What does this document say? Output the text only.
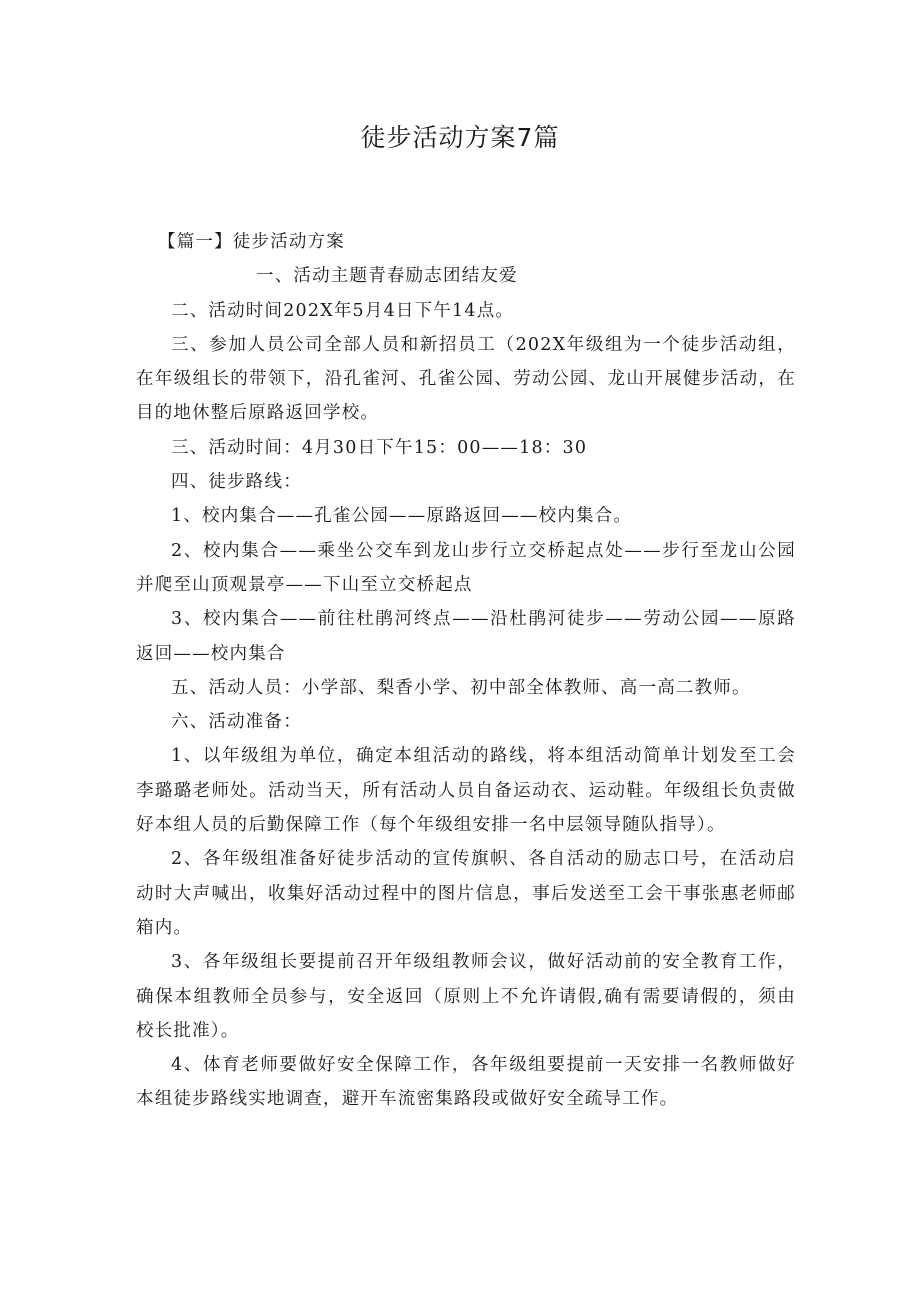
徒步活动方案7篇

【篇一】徒步活动方案

一、活动主题青春励志团结友爱

二、活动时间202X年5月4日下午14点。

三、参加人员公司全部人员和新招员工（202X年级组为一个徒步活动组，在年级组长的带领下，沿孔雀河、孔雀公园、劳动公园、龙山开展健步活动，在目的地休整后原路返回学校。

三、活动时间：4月30日下午15：00——18：30

四、徒步路线：

1、校内集合——孔雀公园——原路返回——校内集合。

2、校内集合——乘坐公交车到龙山步行立交桥起点处——步行至龙山公园并爬至山顶观景亭——下山至立交桥起点

3、校内集合——前往杜鹃河终点——沿杜鹃河徒步——劳动公园——原路返回——校内集合

五、活动人员：小学部、梨香小学、初中部全体教师、高一高二教师。

六、活动准备：

1、以年级组为单位，确定本组活动的路线，将本组活动简单计划发至工会李璐璐老师处。活动当天，所有活动人员自备运动衣、运动鞋。年级组长负责做好本组人员的后勤保障工作（每个年级组安排一名中层领导随队指导）。

2、各年级组准备好徒步活动的宣传旗帜、各自活动的励志口号，在活动启动时大声喊出，收集好活动过程中的图片信息，事后发送至工会干事张惠老师邮箱内。

3、各年级组长要提前召开年级组教师会议，做好活动前的安全教育工作，确保本组教师全员参与，安全返回（原则上不允许请假,确有需要请假的，须由校长批准）。

4、体育老师要做好安全保障工作，各年级组要提前一天安排一名教师做好本组徒步路线实地调查，避开车流密集路段或做好安全疏导工作。
